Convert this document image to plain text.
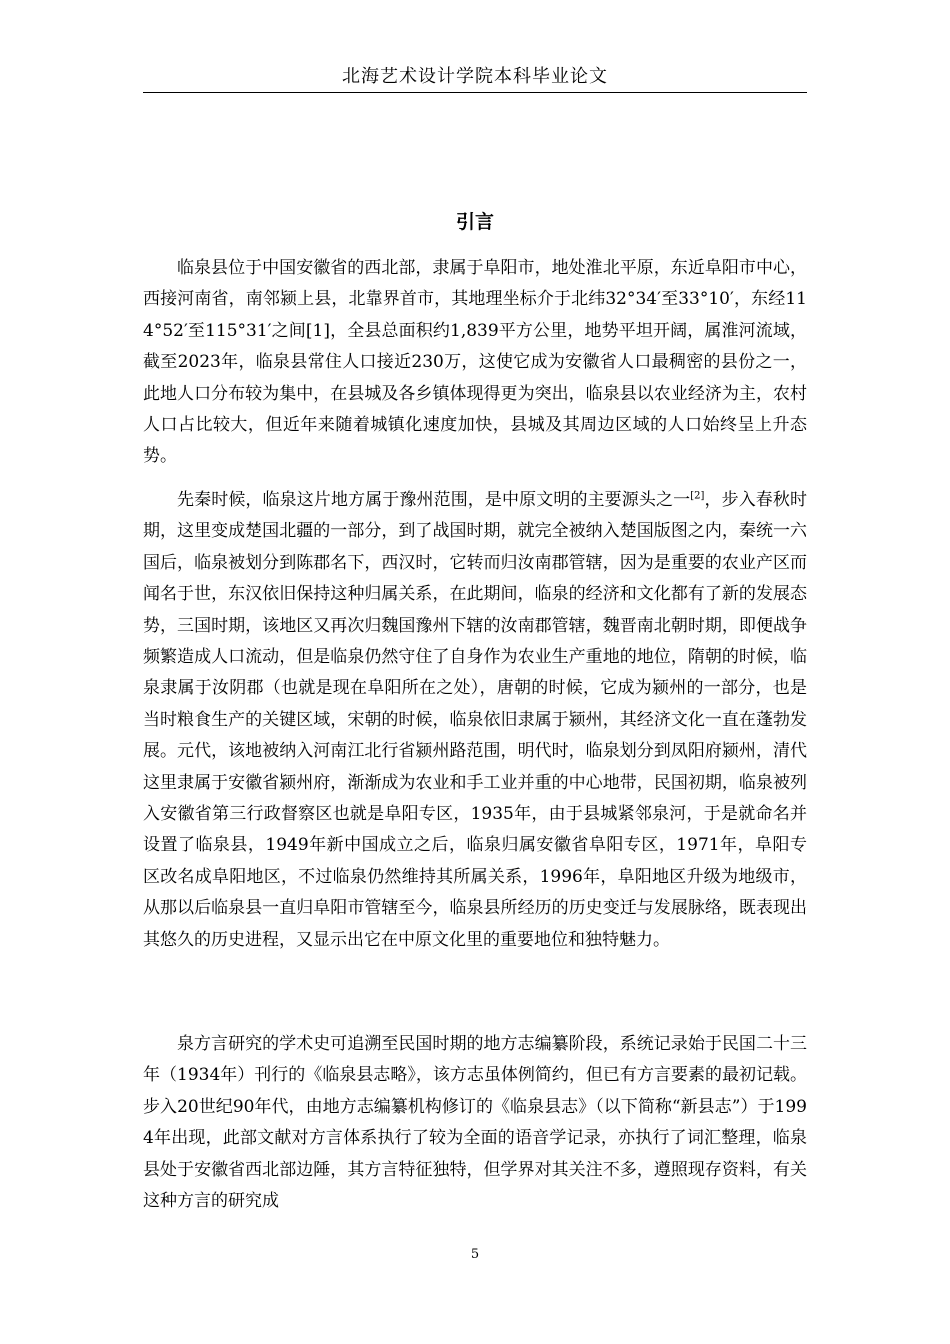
北海艺术设计学院本科毕业论文
引言

临泉县位于中国安徽省的西北部，隶属于阜阳市，地处淮北平原，东近阜阳市中心，西接河南省，南邻颍上县，北靠界首市，其地理坐标介于北纬32°34′至33°10′，东经114°52′至115°31′之间[1]，全县总面积约1,839平方公里，地势平坦开阔，属淮河流域，截至2023年，临泉县常住人口接近230万，这使它成为安徽省人口最稠密的县份之一，此地人口分布较为集中，在县城及各乡镇体现得更为突出，临泉县以农业经济为主，农村人口占比较大，但近年来随着城镇化速度加快，县城及其周边区域的人口始终呈上升态势。

先秦时候，临泉这片地方属于豫州范围，是中原文明的主要源头之一[2]，步入春秋时期，这里变成楚国北疆的一部分，到了战国时期，就完全被纳入楚国版图之内，秦统一六国后，临泉被划分到陈郡名下，西汉时，它转而归汝南郡管辖，因为是重要的农业产区而闻名于世，东汉依旧保持这种归属关系，在此期间，临泉的经济和文化都有了新的发展态势，三国时期，该地区又再次归魏国豫州下辖的汝南郡管辖，魏晋南北朝时期，即便战争频繁造成人口流动，但是临泉仍然守住了自身作为农业生产重地的地位，隋朝的时候，临泉隶属于汝阴郡（也就是现在阜阳所在之处），唐朝的时候，它成为颍州的一部分，也是当时粮食生产的关键区域，宋朝的时候，临泉依旧隶属于颍州，其经济文化一直在蓬勃发展。元代，该地被纳入河南江北行省颍州路范围，明代时，临泉划分到凤阳府颍州，清代这里隶属于安徽省颍州府，渐渐成为农业和手工业并重的中心地带，民国初期，临泉被列入安徽省第三行政督察区也就是阜阳专区，1935年，由于县城紧邻泉河，于是就命名并设置了临泉县，1949年新中国成立之后，临泉归属安徽省阜阳专区，1971年，阜阳专区改名成阜阳地区，不过临泉仍然维持其所属关系，1996年，阜阳地区升级为地级市，从那以后临泉县一直归阜阳市管辖至今，临泉县所经历的历史变迁与发展脉络，既表现出其悠久的历史进程，又显示出它在中原文化里的重要地位和独特魅力。

泉方言研究的学术史可追溯至民国时期的地方志编纂阶段，系统记录始于民国二十三年（1934年）刊行的《临泉县志略》，该方志虽体例简约，但已有方言要素的最初记载。步入20世纪90年代，由地方志编纂机构修订的《临泉县志》（以下简称“新县志”）于1994年出现，此部文献对方言体系执行了较为全面的语音学记录，亦执行了词汇整理，临泉县处于安徽省西北部边陲，其方言特征独特，但学界对其关注不多，遵照现存资料，有关这种方言的研究成

5
